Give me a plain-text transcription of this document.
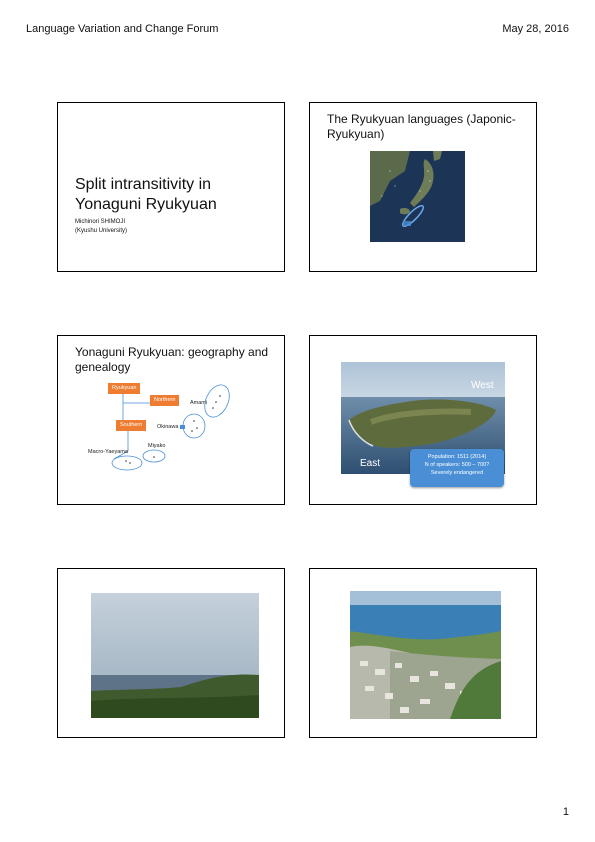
Language Variation and Change Forum	May 28, 2016
Split intransitivity in Yonaguni Ryukyuan
Michinori SHIMOJI
(Kyushu University)
The Ryukyuan languages (Japonic-Ryukyuan)
Yonaguni Ryukyuan: geography and genealogy
Ryukyuan
Northern
Southern
Amami
Okinawa
Miyako
Macro-Yaeyama
West
East
Population: 1511 (2014)
N of speakers: 500 – 700?
Severely endangered
1
